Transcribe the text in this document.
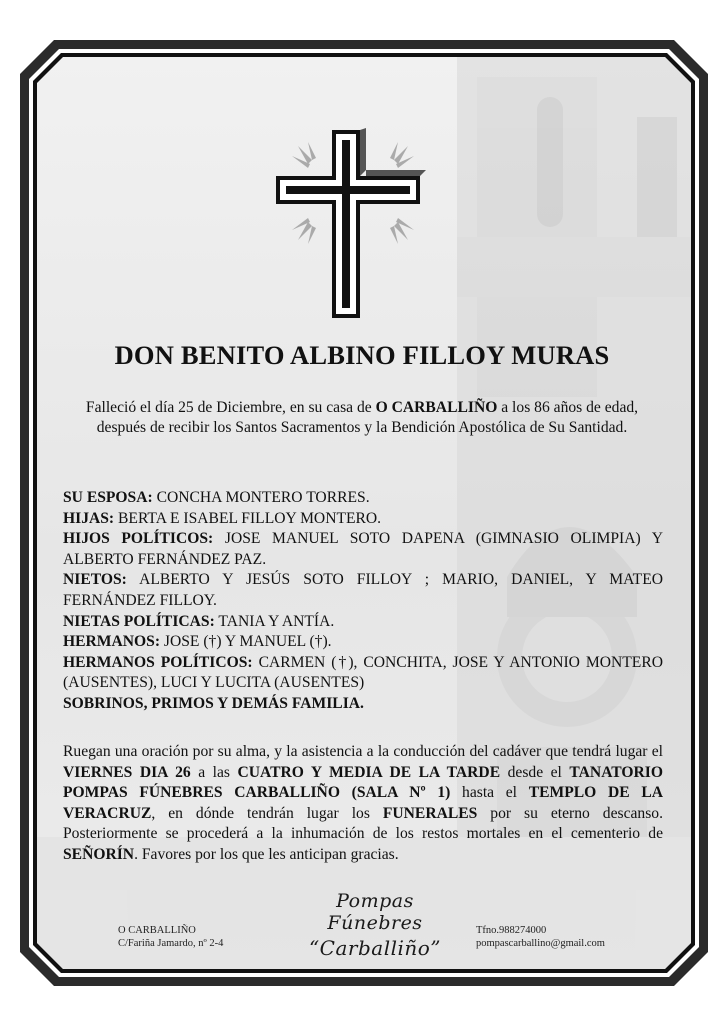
DON BENITO ALBINO FILLOY MURAS

Falleció el día 25 de Diciembre, en su casa de O CARBALLIÑO a los 86 años de edad, después de recibir los Santos Sacramentos y la Bendición Apostólica de Su Santidad.

SU ESPOSA: CONCHA MONTERO TORRES.

HIJAS: BERTA E ISABEL FILLOY MONTERO.

HIJOS POLÍTICOS: JOSE MANUEL SOTO DAPENA (GIMNASIO OLIMPIA) Y ALBERTO FERNÁNDEZ PAZ.

NIETOS: ALBERTO Y JESÚS SOTO FILLOY ; MARIO, DANIEL, Y MATEO FERNÁNDEZ FILLOY.

NIETAS POLÍTICAS: TANIA Y ANTÍA.

HERMANOS: JOSE (†) Y MANUEL (†).

HERMANOS POLÍTICOS: CARMEN (†), CONCHITA, JOSE Y ANTONIO MONTERO (AUSENTES), LUCI Y LUCITA (AUSENTES)

SOBRINOS, PRIMOS Y DEMÁS FAMILIA.

Ruegan una oración por su alma, y la asistencia a la conducción del cadáver que tendrá lugar el VIERNES DIA 26 a las CUATRO Y MEDIA DE LA TARDE desde el TANATORIO POMPAS FÚNEBRES CARBALLIÑO (SALA Nº 1) hasta el TEMPLO DE LA VERACRUZ, en dónde tendrán lugar los FUNERALES por su eterno descanso. Posteriormente se procederá a la inhumación de los restos mortales en el cementerio de SEÑORÍN. Favores por los que les anticipan gracias.

O CARBALLIÑO
C/Fariña Jamardo, nº 2-4
Pompas Fúnebres
“Carballiño”
Tfno.988274000
pompascarballino@gmail.com
